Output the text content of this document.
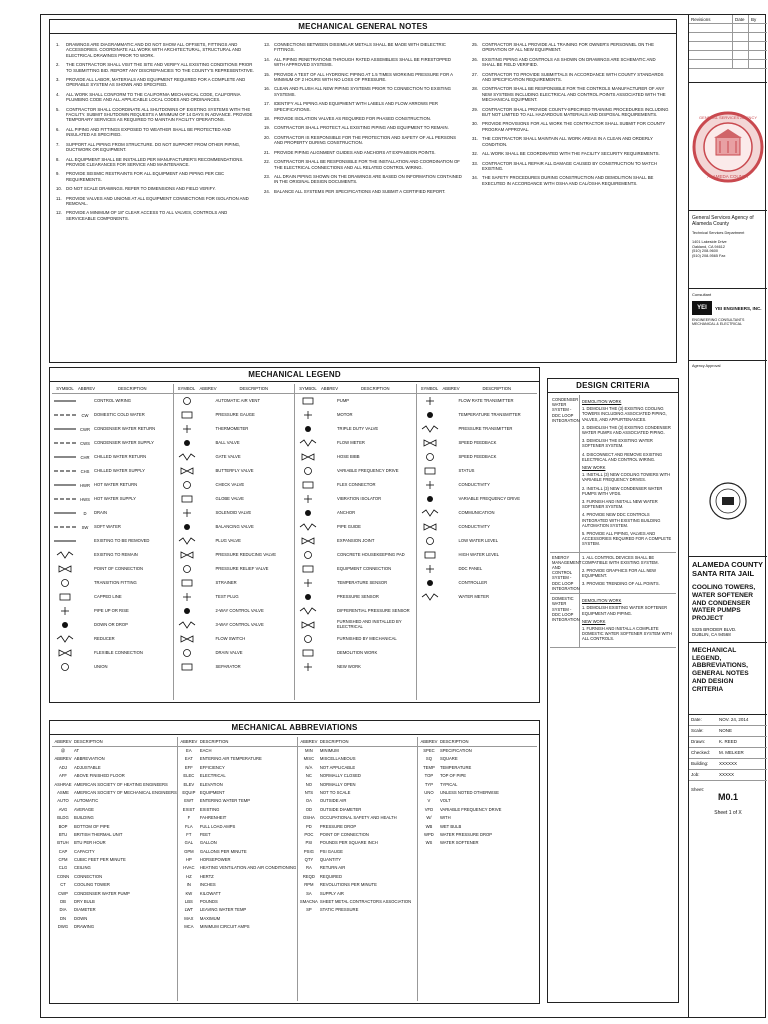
MECHANICAL GENERAL NOTES
1.	DRAWINGS ARE DIAGRAMMATIC AND DO NOT SHOW ALL OFFSETS, FITTINGS AND ACCESSORIES. COORDINATE ALL WORK WITH ARCHITECTURAL, STRUCTURAL AND ELECTRICAL DRAWINGS PRIOR TO WORK.
2.	THE CONTRACTOR SHALL VISIT THE SITE AND VERIFY ALL EXISTING CONDITIONS PRIOR TO SUBMITTING BID. REPORT ANY DISCREPANCIES TO THE COUNTY'S REPRESENTATIVE.
3.	PROVIDE ALL LABOR, MATERIALS AND EQUIPMENT REQUIRED FOR A COMPLETE AND OPERABLE SYSTEM AS SHOWN AND SPECIFIED.
4.	ALL WORK SHALL CONFORM TO THE CALIFORNIA MECHANICAL CODE, CALIFORNIA PLUMBING CODE AND ALL APPLICABLE LOCAL CODES AND ORDINANCES.
5.	CONTRACTOR SHALL COORDINATE ALL SHUTDOWNS OF EXISTING SYSTEMS WITH THE FACILITY. SUBMIT SHUTDOWN REQUESTS A MINIMUM OF 14 DAYS IN ADVANCE. PROVIDE TEMPORARY SERVICES AS REQUIRED TO MAINTAIN FACILITY OPERATIONS.
6.	ALL PIPING AND FITTINGS EXPOSED TO WEATHER SHALL BE PROTECTED AND INSULATED AS SPECIFIED.
7.	SUPPORT ALL PIPING FROM STRUCTURE. DO NOT SUPPORT FROM OTHER PIPING, DUCTWORK OR EQUIPMENT.
8.	ALL EQUIPMENT SHALL BE INSTALLED PER MANUFACTURER'S RECOMMENDATIONS. PROVIDE CLEARANCES FOR SERVICE AND MAINTENANCE.
9.	PROVIDE SEISMIC RESTRAINTS FOR ALL EQUIPMENT AND PIPING PER CBC REQUIREMENTS.
10. DO NOT SCALE DRAWINGS. REFER TO DIMENSIONS AND FIELD VERIFY.
11.	PROVIDE VALVES AND UNIONS AT ALL EQUIPMENT CONNECTIONS FOR ISOLATION AND REMOVAL.
12. PROVIDE A MINIMUM OF 18" CLEAR ACCESS TO ALL VALVES, CONTROLS AND SERVICEABLE COMPONENTS.
13. CONNECTIONS BETWEEN DISSIMILAR METALS SHALL BE MADE WITH DIELECTRIC FITTINGS.
14. ALL PIPING PENETRATIONS THROUGH RATED ASSEMBLIES SHALL BE FIRESTOPPED WITH APPROVED SYSTEMS.
15. PROVIDE A TEST OF ALL HYDRONIC PIPING AT 1.5 TIMES WORKING PRESSURE FOR A MINIMUM OF 2 HOURS WITH NO LOSS OF PRESSURE.
16. CLEAN AND FLUSH ALL NEW PIPING SYSTEMS PRIOR TO CONNECTION TO EXISTING SYSTEMS.
17. IDENTIFY ALL PIPING AND EQUIPMENT WITH LABELS AND FLOW ARROWS PER SPECIFICATIONS.
18. PROVIDE ISOLATION VALVES AS REQUIRED FOR PHASED CONSTRUCTION.
19. CONTRACTOR SHALL PROTECT ALL EXISTING PIPING AND EQUIPMENT TO REMAIN.
20. CONTRACTOR IS RESPONSIBLE FOR THE PROTECTION AND SAFETY OF ALL PERSONS AND PROPERTY DURING CONSTRUCTION.
21. PROVIDE PIPING ALIGNMENT GUIDES AND ANCHORS AT EXPANSION POINTS.
22. CONTRACTOR SHALL BE RESPONSIBLE FOR THE INSTALLATION AND COORDINATION OF THE ELECTRICAL CONNECTIONS AND ALL RELATED CONTROL WIRING.
23. ALL DRAIN PIPING SHOWN ON THE DRAWINGS ARE BASED ON INFORMATION CONTAINED IN THE ORIGINAL DESIGN DOCUMENTS.
24. BALANCE ALL SYSTEMS PER SPECIFICATIONS AND SUBMIT A CERTIFIED REPORT.
25. CONTRACTOR SHALL PROVIDE ALL TRAINING FOR OWNER'S PERSONNEL ON THE OPERATION OF ALL NEW EQUIPMENT.
26. EXISTING PIPING AND CONTROLS AS SHOWN ON DRAWINGS ARE SCHEMATIC AND SHALL BE FIELD VERIFIED.
27. CONTRACTOR TO PROVIDE SUBMITTALS IN ACCORDANCE WITH COUNTY STANDARDS AND SPECIFICATION REQUIREMENTS.
28. CONTRACTOR SHALL BE RESPONSIBLE FOR THE CONTROLS MANUFACTURER OF ANY NEW SYSTEMS INCLUDING ELECTRICAL AND CONTROL POINTS ASSOCIATED WITH THE MECHANICAL EQUIPMENT.
29. CONTRACTOR SHALL PROVIDE COUNTY-SPECIFIED TRAINING PROCEDURES INCLUDING BUT NOT LIMITED TO ALL HAZARDOUS MATERIALS AND DISPOSAL REQUIREMENTS.
30. PROVIDE PROVISIONS FOR ALL WORK THE CONTRACTOR SHALL SUBMIT FOR COUNTY PROGRAM APPROVAL.
31. THE CONTRACTOR SHALL MAINTAIN ALL WORK AREAS IN A CLEAN AND ORDERLY CONDITION.
32. ALL WORK SHALL BE COORDINATED WITH THE FACILITY SECURITY REQUIREMENTS.
33. CONTRACTOR SHALL REPAIR ALL DAMAGE CAUSED BY CONSTRUCTION TO MATCH EXISTING.
34. THE SAFETY PROCEDURES DURING CONSTRUCTION AND DEMOLITION SHALL BE EXECUTED IN ACCORDANCE WITH OSHA AND CAL/OSHA REQUIREMENTS.
MECHANICAL LEGEND
SYMBOL	ABBREV	DESCRIPTION
CONTROL WIRING
CW	DOMESTIC COLD WATER
CWR CONDENSER WATER RETURN
CWS CONDENSER WATER SUPPLY
CHR	CHILLED WATER RETURN
CHS	CHILLED WATER SUPPLY
HWR HOT WATER RETURN
HWS HOT WATER SUPPLY
D	DRAIN
SW	SOFT WATER
EXISTING TO BE REMOVED
EXISTING TO REMAIN
POINT OF CONNECTION
TRANSITION FITTING
CAPPED LINE
PIPE UP OR RISE
DOWN OR DROP
REDUCER
FLEXIBLE CONNECTION
UNION
SYMBOL	ABBREV	DESCRIPTION
AUTOMATIC AIR VENT
PRESSURE GAUGE
THERMOMETER
BALL VALVE
GATE VALVE
BUTTERFLY VALVE
CHECK VALVE
GLOBE VALVE
SOLENOID VALVE
BALANCING VALVE
PLUG VALVE
PRESSURE REDUCING VALVE
PRESSURE RELIEF VALVE
STRAINER
TEST PLUG
2-WAY CONTROL VALVE
3-WAY CONTROL VALVE
FLOW SWITCH
DRAIN VALVE
SEPARATOR
SYMBOL	ABBREV	DESCRIPTION
PUMP
MOTOR
TRIPLE DUTY VALVE
FLOW METER
HOSE BIBB
VARIABLE FREQUENCY DRIVE
FLEX CONNECTOR
VIBRATION ISOLATOR
ANCHOR
PIPE GUIDE
EXPANSION JOINT
CONCRETE HOUSEKEEPING PAD
EQUIPMENT CONNECTION
TEMPERATURE SENSOR
PRESSURE SENSOR
DIFFERENTIAL PRESSURE SENSOR
FURNISHED AND INSTALLED BY ELECTRICAL
FURNISHED BY MECHANICAL
DEMOLITION WORK
NEW WORK
SYMBOL	ABBREV	DESCRIPTION
FLOW RATE TRANSMITTER
TEMPERATURE TRANSMITTER
PRESSURE TRANSMITTER
SPEED FEEDBACK
SPEED FEEDBACK
STATUS
CONDUCTIVITY
VARIABLE FREQUENCY DRIVE
COMMUNICATION
CONDUCTIVITY
LOW WATER LEVEL
HIGH WATER LEVEL
DDC PANEL
CONTROLLER
WATER METER
MECHANICAL ABBREVIATIONS
ABBREV DESCRIPTION
@	AT
ABBREV ABBREVIATION
ADJ	ADJUSTABLE
AFF	ABOVE FINISHED FLOOR
ASHRAE AMERICAN SOCIETY OF HEATING ENGINEERS
ASME	AMERICAN SOCIETY OF MECHANICAL ENGINEERS
AUTO	AUTOMATIC
AVG	AVERAGE
BLDG	BUILDING
BOP	BOTTOM OF PIPE
BTU	BRITISH THERMAL UNIT
BTUH	BTU PER HOUR
CAP	CAPACITY
CFM	CUBIC FEET PER MINUTE
CLG	CEILING
CONN	CONNECTION
CT	COOLING TOWER
CWP	CONDENSER WATER PUMP
DB	DRY BULB
DIA	DIAMETER
DN	DOWN
DWG	DRAWING
ABBREV DESCRIPTION
EA	EACH
EAT	ENTERING AIR TEMPERATURE
EFF	EFFICIENCY
ELEC	ELECTRICAL
ELEV	ELEVATION
EQUIP	EQUIPMENT
EWT	ENTERING WATER TEMP
EXIST	EXISTING
F	FAHRENHEIT
FLA	FULL LOAD AMPS
FT	FEET
GAL	GALLON
GPM	GALLONS PER MINUTE
HP	HORSEPOWER
HVAC	HEATING VENTILATION AND AIR CONDITIONING
HZ	HERTZ
IN	INCHES
KW	KILOWATT
LBS	POUNDS
LWT	LEAVING WATER TEMP
MAX	MAXIMUM
MCA	MINIMUM CIRCUIT AMPS
ABBREV DESCRIPTION
MIN	MINIMUM
MISC	MISCELLANEOUS
N/A	NOT APPLICABLE
NC	NORMALLY CLOSED
NO	NORMALLY OPEN
NTS	NOT TO SCALE
OA	OUTSIDE AIR
OD	OUTSIDE DIAMETER
OSHA	OCCUPATIONAL SAFETY AND HEALTH
PD	PRESSURE DROP
POC	POINT OF CONNECTION
PSI	POUNDS PER SQUARE INCH
PSIG	PSI GAUGE
QTY	QUANTITY
RA	RETURN AIR
REQD	REQUIRED
RPM	REVOLUTIONS PER MINUTE
SA	SUPPLY AIR
SMACNA SHEET METAL CONTRACTORS ASSOCIATION
SP	STATIC PRESSURE
ABBREV DESCRIPTION
SPEC	SPECIFICATION
SQ	SQUARE
TEMP	TEMPERATURE
TOP	TOP OF PIPE
TYP	TYPICAL
UNO	UNLESS NOTED OTHERWISE
V	VOLT
VFD	VARIABLE FREQUENCY DRIVE
W/	WITH
WB	WET BULB
WPD	WATER PRESSURE DROP
WS	WATER SOFTENER
DESIGN CRITERIA
CONDENSER WATER SYSTEM - DDC LOOP INTEGRATION
DEMOLITION WORK

1. DEMOLISH THE (3) EXISTING COOLING TOWERS INCLUDING ASSOCIATED PIPING, VALVES, AND APPURTENANCES.

2. DEMOLISH THE (3) EXISTING CONDENSER WATER PUMPS AND ASSOCIATED PIPING.

3. DEMOLISH THE EXISTING WATER SOFTENER SYSTEM.

4. DISCONNECT AND REMOVE EXISTING ELECTRICAL AND CONTROL WIRING.

NEW WORK

1. INSTALL (3) NEW COOLING TOWERS WITH VARIABLE FREQUENCY DRIVES.

2. INSTALL (3) NEW CONDENSER WATER PUMPS WITH VFDS.

3. FURNISH AND INSTALL NEW WATER SOFTENER SYSTEM.

4. PROVIDE NEW DDC CONTROLS INTEGRATED WITH EXISTING BUILDING AUTOMATION SYSTEM.

5. PROVIDE ALL PIPING, VALVES AND ACCESSORIES REQUIRED FOR A COMPLETE SYSTEM.

ENERGY MANAGEMENT AND CONTROL SYSTEM - DDC LOOP INTEGRATION

1. ALL CONTROL DEVICES SHALL BE COMPATIBLE WITH EXISTING SYSTEM.

2. PROVIDE GRAPHICS FOR ALL NEW EQUIPMENT.

3. PROVIDE TRENDING OF ALL POINTS.

DOMESTIC WATER SYSTEM - DDC LOOP INTEGRATION
DEMOLITION WORK

1. DEMOLISH EXISTING WATER SOFTENER EQUIPMENT AND PIPING.

NEW WORK

1. FURNISH AND INSTALL A COMPLETE DOMESTIC WATER SOFTENER SYSTEM WITH ALL CONTROLS.

Revisions	Date	By
GENERAL SERVICES AGENCY
ALAMEDA COUNTY
General Services Agency of Alameda County
Technical Services Department
1401 Lakeside Drive
Oakland, CA 94612
(510) 208-9600
(510) 208-9565 Fax
Consultant
YEI	YEI ENGINEERS, INC.
ENGINEERING CONSULTANTS
MECHANICAL & ELECTRICAL
Agency Approval
ALAMEDA COUNTY SANTA RITA JAIL
COOLING TOWERS, WATER SOFTENER AND CONDENSER WATER PUMPS PROJECT
5325 BRODER BLVD.
DUBLIN, CA 94568
MECHANICAL LEGEND, ABBREVIATIONS, GENERAL NOTES AND DESIGN CRITERIA
Date:	NOV. 24, 2014
Scale:	NONE
Drawn:	K. REED
Checked:	M. MELKER
Building:	XXXXXX
Job:	XXXXX
Sheet:
M0.1
Sheet 1 of X
